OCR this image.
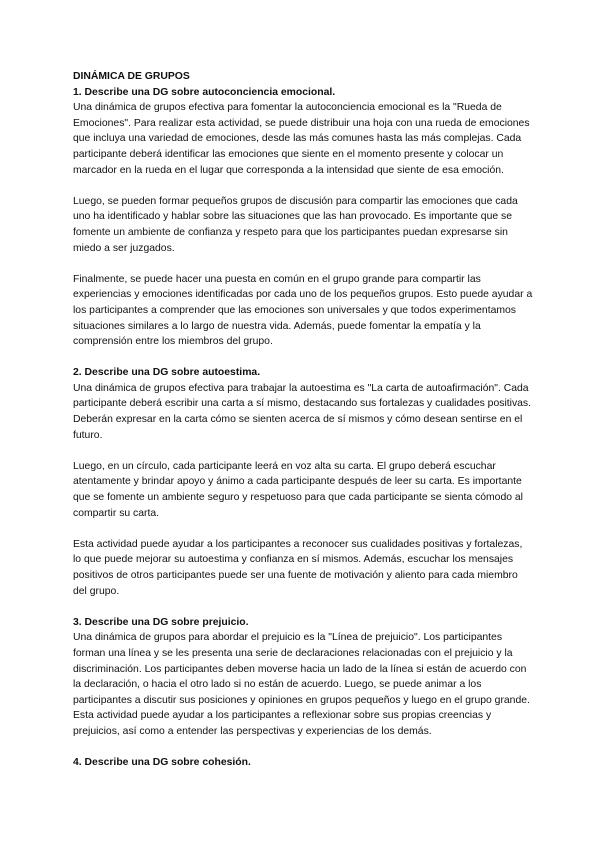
DINÁMICA DE GRUPOS
1. Describe una DG sobre autoconciencia emocional.

Una dinámica de grupos efectiva para fomentar la autoconciencia emocional es la "Rueda de Emociones". Para realizar esta actividad, se puede distribuir una hoja con una rueda de emociones que incluya una variedad de emociones, desde las más comunes hasta las más complejas. Cada participante deberá identificar las emociones que siente en el momento presente y colocar un marcador en la rueda en el lugar que corresponda a la intensidad que siente de esa emoción.

Luego, se pueden formar pequeños grupos de discusión para compartir las emociones que cada uno ha identificado y hablar sobre las situaciones que las han provocado. Es importante que se fomente un ambiente de confianza y respeto para que los participantes puedan expresarse sin miedo a ser juzgados.

Finalmente, se puede hacer una puesta en común en el grupo grande para compartir las experiencias y emociones identificadas por cada uno de los pequeños grupos. Esto puede ayudar a los participantes a comprender que las emociones son universales y que todos experimentamos situaciones similares a lo largo de nuestra vida. Además, puede fomentar la empatía y la comprensión entre los miembros del grupo.

2. Describe una DG sobre autoestima.

Una dinámica de grupos efectiva para trabajar la autoestima es "La carta de autoafirmación". Cada participante deberá escribir una carta a sí mismo, destacando sus fortalezas y cualidades positivas. Deberán expresar en la carta cómo se sienten acerca de sí mismos y cómo desean sentirse en el futuro.

Luego, en un círculo, cada participante leerá en voz alta su carta. El grupo deberá escuchar atentamente y brindar apoyo y ánimo a cada participante después de leer su carta. Es importante que se fomente un ambiente seguro y respetuoso para que cada participante se sienta cómodo al compartir su carta.

Esta actividad puede ayudar a los participantes a reconocer sus cualidades positivas y fortalezas, lo que puede mejorar su autoestima y confianza en sí mismos. Además, escuchar los mensajes positivos de otros participantes puede ser una fuente de motivación y aliento para cada miembro del grupo.

3. Describe una DG sobre prejuicio.

Una dinámica de grupos para abordar el prejuicio es la "Línea de prejuicio". Los participantes forman una línea y se les presenta una serie de declaraciones relacionadas con el prejuicio y la discriminación. Los participantes deben moverse hacia un lado de la línea si están de acuerdo con la declaración, o hacia el otro lado si no están de acuerdo. Luego, se puede animar a los participantes a discutir sus posiciones y opiniones en grupos pequeños y luego en el grupo grande. Esta actividad puede ayudar a los participantes a reflexionar sobre sus propias creencias y prejuicios, así como a entender las perspectivas y experiencias de los demás.

4. Describe una DG sobre cohesión.
